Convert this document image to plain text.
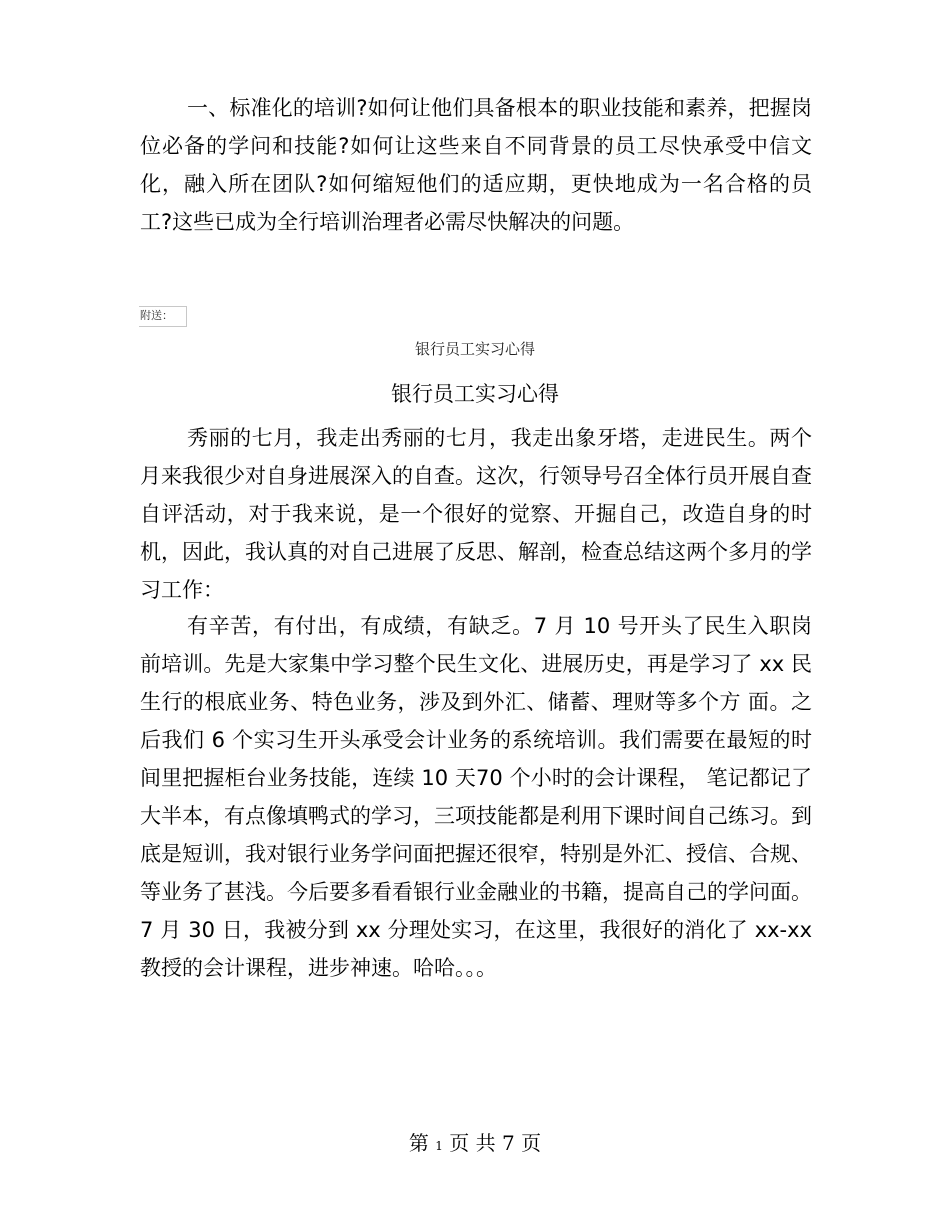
一、标准化的培训?如何让他们具备根本的职业技能和素养，把握岗位必备的学问和技能?如何让这些来自不同背景的员工尽快承受中信文化，融入所在团队?如何缩短他们的适应期，更快地成为一名合格的员工?这些已成为全行培训治理者必需尽快解决的问题。

附送：
银行员工实习心得
银行员工实习心得

秀丽的七月，我走出秀丽的七月，我走出象牙塔，走进民生。两个月来我很少对自身进展深入的自查。这次，行领导号召全体行员开展自查自评活动，对于我来说，是一个很好的觉察、开掘自己，改造自身的时机，因此，我认真的对自己进展了反思、解剖，检查总结这两个多月的学习工作：

有辛苦，有付出，有成绩，有缺乏。7 月 10 号开头了民生入职岗前培训。先是大家集中学习整个民生文化、进展历史，再是学习了 xx 民生行的根底业务、特色业务，涉及到外汇、储蓄、理财等多个方 面。之后我们 6 个实习生开头承受会计业务的系统培训。我们需要在最短的时间里把握柜台业务技能，连续 10 天70 个小时的会计课程， 笔记都记了大半本，有点像填鸭式的学习，三项技能都是利用下课时间自己练习。到底是短训，我对银行业务学问面把握还很窄，特别是外汇、授信、合规、等业务了甚浅。今后要多看看银行业金融业的书籍，提高自己的学问面。7 月 30 日，我被分到 xx 分理处实习，在这里，我很好的消化了 xx-xx 教授的会计课程，进步神速。哈哈。。。

第 1 页 共 7 页
